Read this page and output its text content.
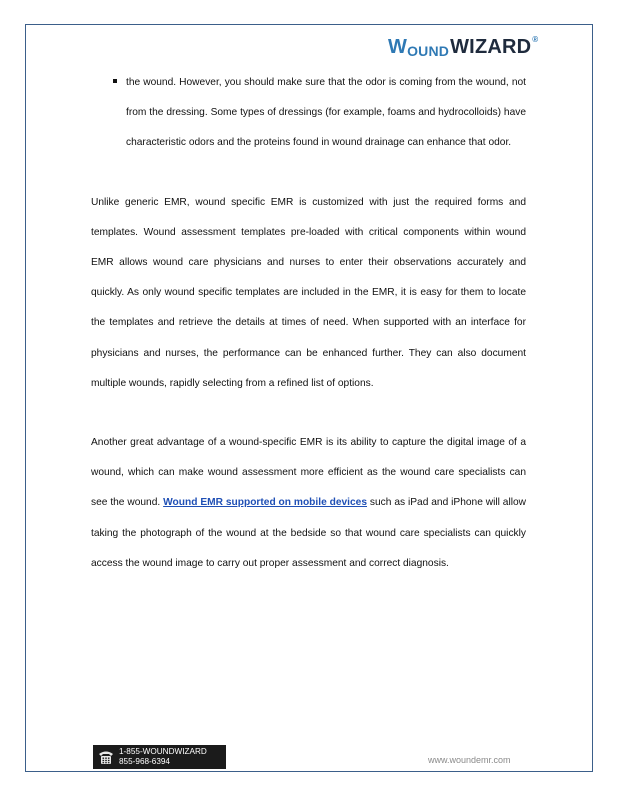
W OUND WIZARD ®
the wound. However, you should make sure that the odor is coming from the wound, not from the dressing. Some types of dressings (for example, foams and hydrocolloids) have characteristic odors and the proteins found in wound drainage can enhance that odor.

Unlike generic EMR, wound specific EMR is customized with just the required forms and templates. Wound assessment templates pre-loaded with critical components within wound EMR allows wound care physicians and nurses to enter their observations accurately and quickly. As only wound specific templates are included in the EMR, it is easy for them to locate the templates and retrieve the details at times of need. When supported with an interface for physicians and nurses, the performance can be enhanced further. They can also document multiple wounds, rapidly selecting from a refined list of options.

Another great advantage of a wound-specific EMR is its ability to capture the digital image of a wound, which can make wound assessment more efficient as the wound care specialists can see the wound. Wound EMR supported on mobile devices such as iPad and iPhone will allow taking the photograph of the wound at the bedside so that wound care specialists can quickly access the wound image to carry out proper assessment and correct diagnosis.

1-855-WOUNDWIZARD
855-968-6394	www.woundemr.com
